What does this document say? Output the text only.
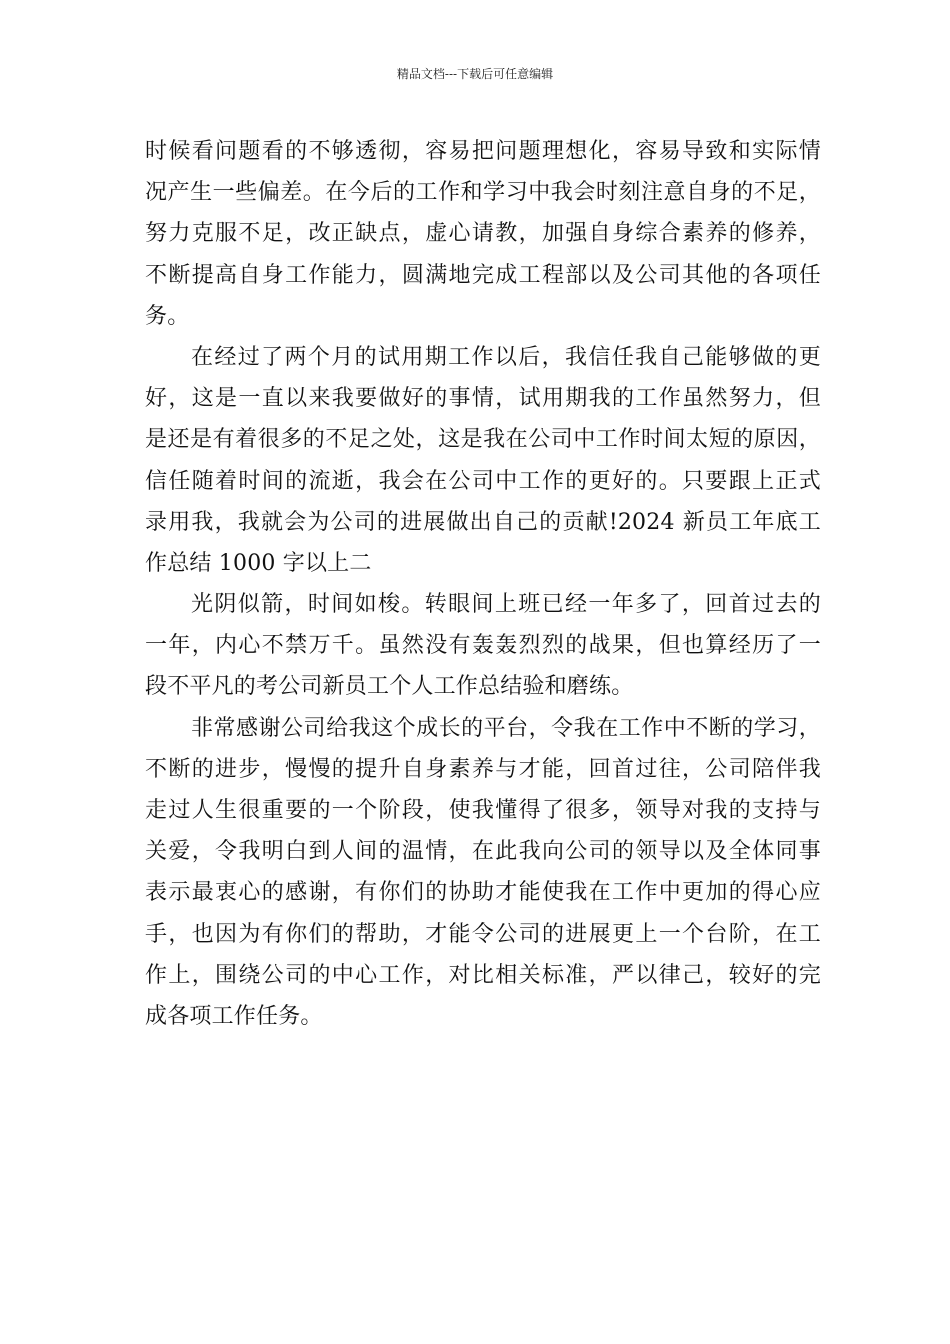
精品文档---下载后可任意编辑
时候看问题看的不够透彻，容易把问题理想化，容易导致和实际情
况产生一些偏差。在今后的工作和学习中我会时刻注意自身的不足，
努力克服不足，改正缺点，虚心请教，加强自身综合素养的修养，
不断提高自身工作能力，圆满地完成工程部以及公司其他的各项任
务。
在经过了两个月的试用期工作以后，我信任我自己能够做的更
好，这是一直以来我要做好的事情，试用期我的工作虽然努力，但
是还是有着很多的不足之处，这是我在公司中工作时间太短的原因，
信任随着时间的流逝，我会在公司中工作的更好的。只要跟上正式
录用我，我就会为公司的进展做出自己的贡献!2024 新员工年底工
作总结 1000 字以上二
光阴似箭，时间如梭。转眼间上班已经一年多了，回首过去的
一年，内心不禁万千。虽然没有轰轰烈烈的战果，但也算经历了一
段不平凡的考公司新员工个人工作总结验和磨练。
非常感谢公司给我这个成长的平台，令我在工作中不断的学习，
不断的进步，慢慢的提升自身素养与才能，回首过往，公司陪伴我
走过人生很重要的一个阶段，使我懂得了很多，领导对我的支持与
关爱，令我明白到人间的温情，在此我向公司的领导以及全体同事
表示最衷心的感谢，有你们的协助才能使我在工作中更加的得心应
手，也因为有你们的帮助，才能令公司的进展更上一个台阶，在工
作上，围绕公司的中心工作，对比相关标准，严以律己，较好的完
成各项工作任务。
